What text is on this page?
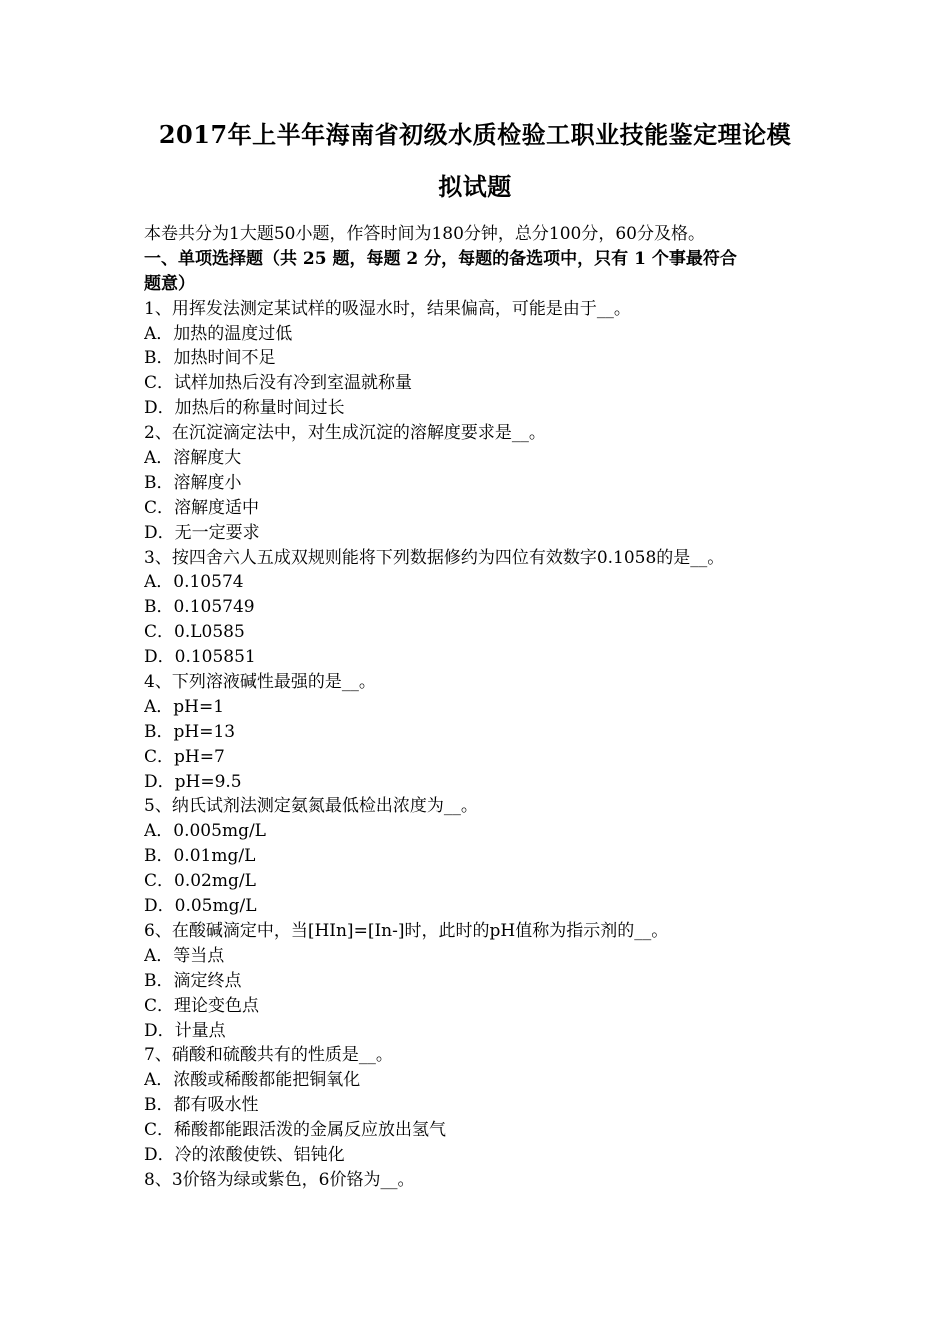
2017年上半年海南省初级水质检验工职业技能鉴定理论模
拟试题
本卷共分为1大题50小题，作答时间为180分钟，总分100分，60分及格。
一、单项选择题（共 25 题，每题 2 分，每题的备选项中，只有 1 个事最符合
题意）
1、用挥发法测定某试样的吸湿水时，结果偏高，可能是由于__。
A．加热的温度过低
B．加热时间不足
C．试样加热后没有冷到室温就称量
D．加热后的称量时间过长
2、在沉淀滴定法中，对生成沉淀的溶解度要求是__。
A．溶解度大
B．溶解度小
C．溶解度适中
D．无一定要求
3、按四舍六人五成双规则能将下列数据修约为四位有效数字0.1058的是__。
A．0.10574
B．0.105749
C．0.L0585
D．0.105851
4、下列溶液碱性最强的是__。
A．pH=1
B．pH=13
C．pH=7
D．pH=9.5
5、纳氏试剂法测定氨氮最低检出浓度为__。
A．0.005mg/L
B．0.01mg/L
C．0.02mg/L
D．0.05mg/L
6、在酸碱滴定中，当[HIn]=[In-]时，此时的pH值称为指示剂的__。
A．等当点
B．滴定终点
C．理论变色点
D．计量点
7、硝酸和硫酸共有的性质是__。
A．浓酸或稀酸都能把铜氧化
B．都有吸水性
C．稀酸都能跟活泼的金属反应放出氢气
D．冷的浓酸使铁、铝钝化
8、3价铬为绿或紫色，6价铬为__。
